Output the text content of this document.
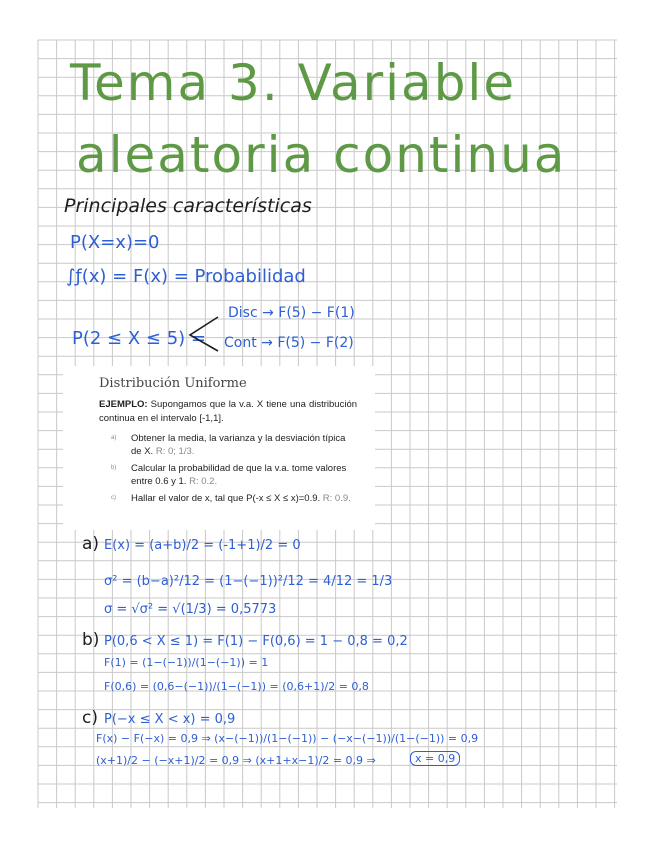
Tema 3. Variable
aleatoria continua
Principales características
P(X=x)=0
∫ƒ(x) = F(x) = Probabilidad
P(2 ≤ X ≤ 5) =
Disc → F(5) − F(1)
Cont → F(5) − F(2)
Distribución Uniforme
EJEMPLO: Supongamos que la v.a. X tiene una distribución continua en el intervalo [-1,1].
a) Obtener la media, la varianza y la desviación típica de X. R: 0; 1/3.
b) Calcular la probabilidad de que la v.a. tome valores entre 0.6 y 1. R: 0.2.
c) Hallar el valor de x, tal que P(-x ≤ X ≤ x)=0.9. R: 0.9.
a) E(x) = (a+b)/2 = (-1+1)/2 = 0
σ² = (b−a)²/12 = (1−(−1))²/12 = 4/12 = 1/3
σ = √σ² = √(1/3) = 0,5773
b) P(0,6 < X ≤ 1) = F(1) − F(0,6) = 1 − 0,8 = 0,2
F(1) = (1−(−1))/(1−(−1)) = 1
F(0,6) = (0,6−(−1))/(1−(−1)) = (0,6+1)/2 = 0,8
c) P(−x ≤ X < x) = 0,9
F(x) − F(−x) = 0,9 ⇒ (x−(−1))/(1−(−1)) − (−x−(−1))/(1−(−1)) = 0,9
(x+1)/2 − (−x+1)/2 = 0,9 ⇒ (x+1+x−1)/2 = 0,9 ⇒	x = 0,9
